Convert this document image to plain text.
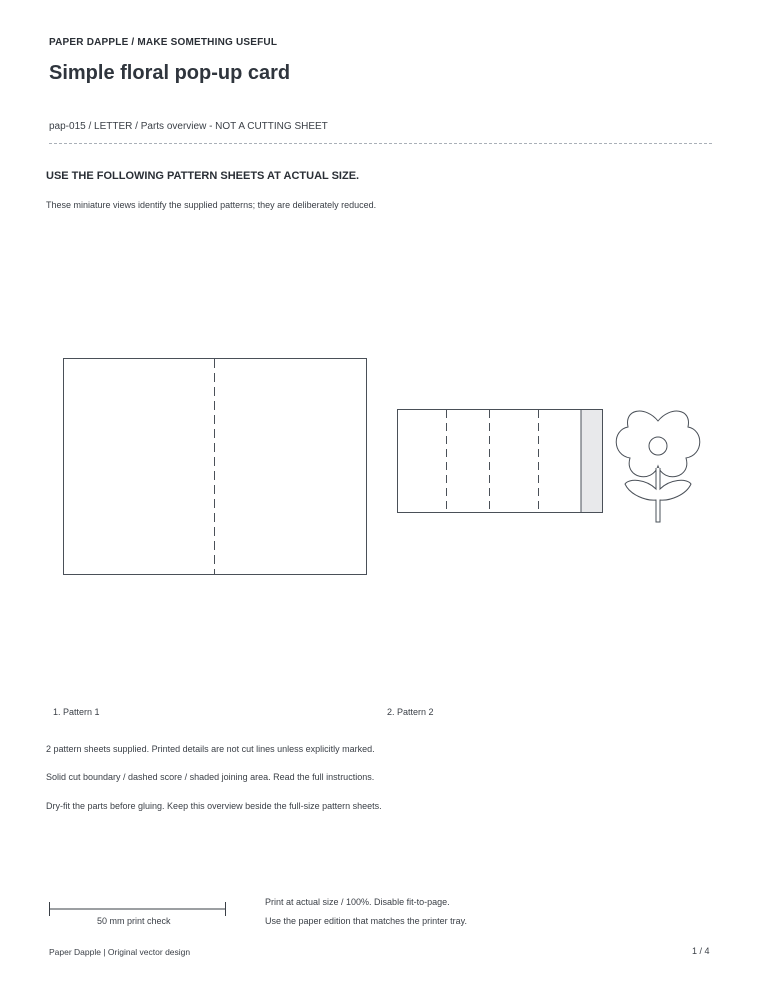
PAPER DAPPLE / MAKE SOMETHING USEFUL
Simple floral pop-up card
pap-015 / LETTER / Parts overview - NOT A CUTTING SHEET
USE THE FOLLOWING PATTERN SHEETS AT ACTUAL SIZE.
These miniature views identify the supplied patterns; they are deliberately reduced.
1. Pattern 1	2. Pattern 2
2 pattern sheets supplied. Printed details are not cut lines unless explicitly marked.
Solid cut boundary / dashed score / shaded joining area. Read the full instructions.
Dry-fit the parts before gluing. Keep this overview beside the full-size pattern sheets.
50 mm print check
Print at actual size / 100%. Disable fit-to-page.
Use the paper edition that matches the printer tray.
Paper Dapple | Original vector design	1 / 4
